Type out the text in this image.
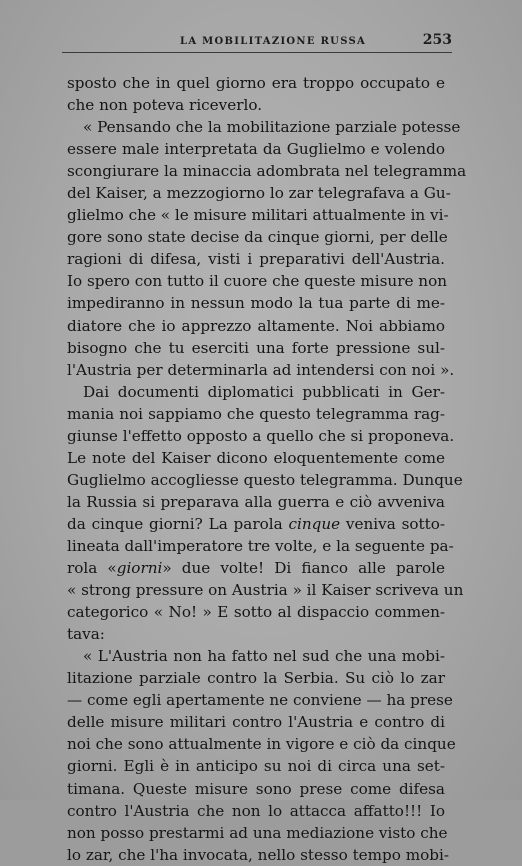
LA MOBILITAZIONE RUSSA	253
sposto che in quel giorno era troppo occupato e
che non poteva riceverlo.
« Pensando che la mobilitazione parziale potesse
essere male interpretata da Guglielmo e volendo
scongiurare la minaccia adombrata nel telegramma
del Kaiser, a mezzogiorno lo zar telegrafava a Gu-
glielmo che « le misure militari attualmente in vi-
gore sono state decise da cinque giorni, per delle
ragioni di difesa, visti i preparativi dell'Austria.
Io spero con tutto il cuore che queste misure non
impediranno in nessun modo la tua parte di me-
diatore che io apprezzo altamente. Noi abbiamo
bisogno che tu eserciti una forte pressione sul-
l'Austria per determinarla ad intendersi con noi ».
Dai documenti diplomatici pubblicati in Ger-
mania noi sappiamo che questo telegramma rag-
giunse l'effetto opposto a quello che si proponeva.
Le note del Kaiser dicono eloquentemente come
Guglielmo accogliesse questo telegramma. Dunque
la Russia si preparava alla guerra e ciò avveniva
da cinque giorni? La parola cinque veniva sotto-
lineata dall'imperatore tre volte, e la seguente pa-
rola «giorni» due volte! Di fianco alle parole
« strong pressure on Austria » il Kaiser scriveva un
categorico « No! » E sotto al dispaccio commen-
tava:
« L'Austria non ha fatto nel sud che una mobi-
litazione parziale contro la Serbia. Su ciò lo zar
— come egli apertamente ne conviene — ha prese
delle misure militari contro l'Austria e contro di
noi che sono attualmente in vigore e ciò da cinque
giorni. Egli è in anticipo su noi di circa una set-
timana. Queste misure sono prese come difesa
contro l'Austria che non lo attacca affatto!!! Io
non posso prestarmi ad una mediazione visto che
lo zar, che l'ha invocata, nello stesso tempo mobi-
